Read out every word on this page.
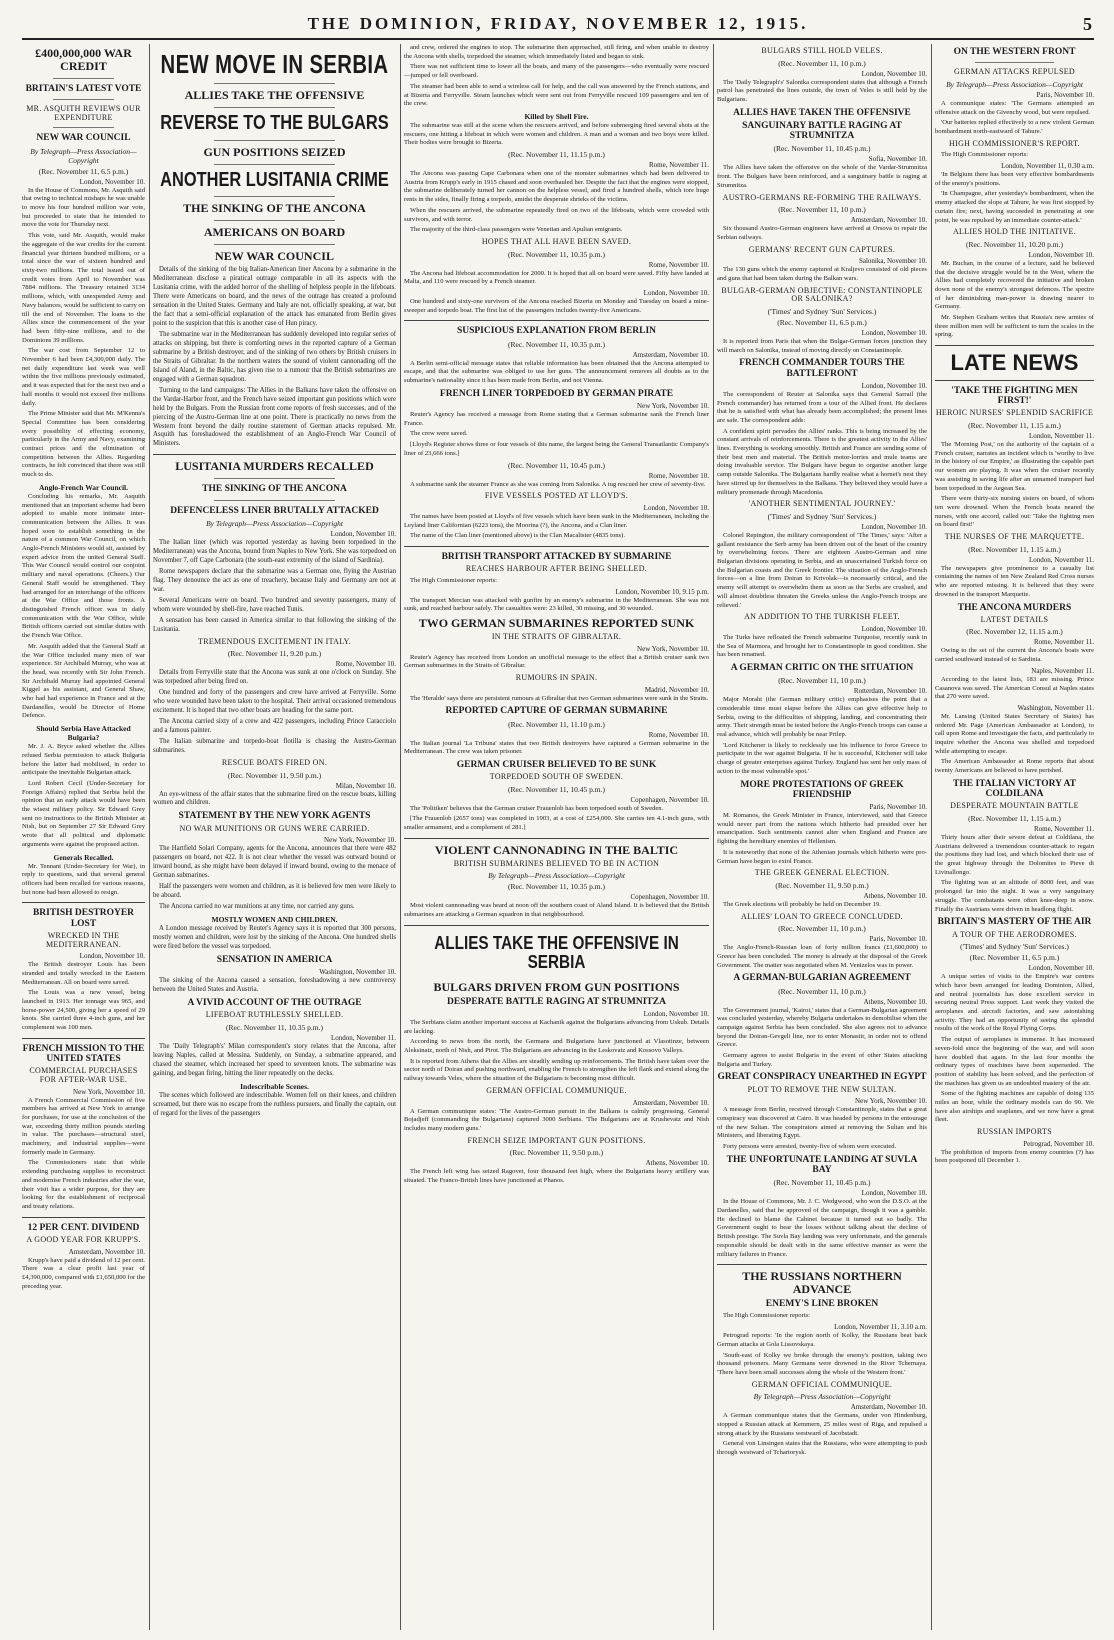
THE DOMINION, FRIDAY, NOVEMBER 12, 1915.	5
£400,000,000 WAR CREDIT
BRITAIN'S LATEST VOTE
MR. ASQUITH REVIEWS OUR EXPENDITURE
NEW WAR COUNCIL
By Telegraph—Press Association—Copyright
(Rec. November 11, 6.5 p.m.)
London, November 10.

In the House of Commons, Mr. Asquith said that owing to technical mishaps he was unable to move his four hundred million war vote, but proceeded to state that he intended to move the vote for Thursday next.

This vote, said Mr. Asquith, would make the aggregate of the war credits for the current financial year thirteen hundred millions, or a total since the war of sixteen hundred and sixty-two millions. The total issued out of credit votes from April to November was 7884 millions. The Treasury retained 3134 millions, which, with unexpended Army and Navy balances, would be sufficient to carry on till the end of November. The loans to the Allies since the commencement of the year had been fifty-nine millions, and to the Dominions 39 millions.

The war cost from September 12 to November 6 had been £4,300,000 daily. The net daily expenditure last week was well within the five millions previously estimated, and it was expected that for the next two and a half months it would not exceed five millions daily.

The Prime Minister said that Mr. M'Kenna's Special Committee has been considering every possibility of effecting economy, particularly in the Army and Navy, examining contract prices and the elimination of competition between the Allies. Regarding contracts, he felt convinced that there was still much to do.

Anglo-French War Council.

Concluding his remarks, Mr. Asquith mentioned that an important scheme had been adopted to enable more intimate inter-communication between the Allies. It was hoped soon to establish something in the nature of a common War Council, on which Anglo-French Ministers would sit, assisted by expert advice from the united General Staff. This War Council would control our conjoint military and naval operations. (Cheers.) Our General Staff would be strengthened. They had arranged for an interchange of the officers at the War Office and those fronts. A distinguished French officer was in daily communication with the War Office, while British officers carried out similar duties with the French War Office.

Mr. Asquith added that the General Staff at the War Office included many men of war experience. Sir Archibald Murray, who was at the head, was recently with Sir John French. Sir Archibald Murray had appointed General Kiggel as his assistant, and General Shaw, who had had experience in France and at the Dardanelles, would be Director of Home Defence.

Should Serbia Have Attacked Bulgaria?

Mr. J. A. Bryce asked whether the Allies refused Serbia permission to attack Bulgaria before the latter had mobilised, in order to anticipate the inevitable Bulgarian attack.

Lord Robert Cecil (Under-Secretary for Foreign Affairs) replied that Serbia held the opinion that an early attack would have been the wisest military policy. Sir Edward Grey sent no instructions to the British Minister at Nish, but on September 27 Sir Edward Grey wrote that all political and diplomatic arguments were against the proposed action.

Generals Recalled.

Mr. Tennant (Under-Secretary for War), in reply to questions, said that several general officers had been recalled for various reasons, but none had been allowed to resign.

BRITISH DESTROYER LOST
WRECKED IN THE MEDITERRANEAN.
London, November 10.

The British destroyer Louis has been stranded and totally wrecked in the Eastern Mediterranean. All on board were saved.

The Louis was a new vessel, being launched in 1913. Her tonnage was 965, and horse-power 24,500, giving her a speed of 29 knots. She carried three 4-inch guns, and her complement was 100 men.

FRENCH MISSION TO THE UNITED STATES
COMMERCIAL PURCHASES FOR AFTER-WAR USE.
New York, November 10.

A French Commercial Commission of five members has arrived at New York to arrange for purchases, for use at the conclusion of the war, exceeding thirty million pounds sterling in value. The purchases—structural steel, machinery, and industrial supplies—were formerly made in Germany.

The Commissioners state that while extending purchasing supplies to reconstruct and modernise French industries after the war, their visit has a wider purpose, for they are looking for the establishment of reciprocal and treaty relations.

12 PER CENT. DIVIDEND
A GOOD YEAR FOR KRUPP'S.
Amsterdam, November 10.

Krupp's have paid a dividend of 12 per cent. There was a clear profit last year of £4,390,000, compared with £1,650,000 for the preceding year.

NEW MOVE IN SERBIA
ALLIES TAKE THE OFFENSIVE
REVERSE TO THE BULGARS
GUN POSITIONS SEIZED
ANOTHER LUSITANIA CRIME
THE SINKING OF THE ANCONA
AMERICANS ON BOARD
NEW WAR COUNCIL

Details of the sinking of the big Italian-American liner Ancona by a submarine in the Mediterranean disclose a piratical outrage comparable in all its aspects with the Lusitania crime, with the added horror of the shelling of helpless people in the lifeboats. There were Americans on board, and the news of the outrage has created a profound sensation in the United States. Germany and Italy are not, officially speaking, at war, but the fact that a semi-official explanation of the attack has emanated from Berlin gives point to the suspicion that this is another case of Hun piracy.

The submarine war in the Mediterranean has suddenly developed into regular series of attacks on shipping, but there is comforting news in the reported capture of a German submarine by a British destroyer, and of the sinking of two others by British cruisers in the Straits of Gibraltar. In the northern waters the sound of violent cannonading off the Island of Aland, in the Baltic, has given rise to a rumour that the British submarines are engaged with a German squadron.

Turning to the land campaigns: The Allies in the Balkans have taken the offensive on the Vardar-Harbor front, and the French have seized important gun positions which were held by the Bulgars. From the Russian front come reports of fresh successes, and of the piercing of the Austro-German line at one point. There is practically no news from the Western front beyond the daily routine statement of German attacks repulsed. Mr. Asquith has foreshadowed the establishment of an Anglo-French War Council of Ministers.

LUSITANIA MURDERS RECALLED
THE SINKING OF THE ANCONA
DEFENCELESS LINER BRUTALLY ATTACKED
By Telegraph—Press Association—Copyright
London, November 10.

The Italian liner (which was reported yesterday as having been torpedoed in the Mediterranean) was the Ancona, bound from Naples to New York. She was torpedoed on November 7, off Cape Carbonara (the south-east extremity of the island of Sardinia).

Rome newspapers declare that the submarine was a German one, flying the Austrian flag. They denounce the act as one of treachery, because Italy and Germany are not at war.

Several Americans were on board. Two hundred and seventy passengers, many of whom were wounded by shell-fire, have reached Tunis.

A sensation has been caused in America similar to that following the sinking of the Lusitania.

TREMENDOUS EXCITEMENT IN ITALY.
(Rec. November 11, 9.20 p.m.)
Rome, November 10.

Details from Ferryville state that the Ancona was sunk at one o'clock on Sunday. She was torpedoed after being fired on.

One hundred and forty of the passengers and crew have arrived at Ferryville. Some who were wounded have been taken to the hospital. Their arrival occasioned tremendous excitement. It is hoped that two other boats are heading for the same port.

The Ancona carried sixty of a crew and 422 passengers, including Prince Caracciolo and a famous painter.

The Italian submarine and torpedo-boat flotilla is chasing the Austro-German submarines.

RESCUE BOATS FIRED ON.
(Rec. November 11, 9.50 p.m.)
Milan, November 10.

An eye-witness of the affair states that the submarine fired on the rescue boats, killing women and children.

STATEMENT BY THE NEW YORK AGENTS
NO WAR MUNITIONS OR GUNS WERE CARRIED.
New York, November 10.

The Hartfield Solari Company, agents for the Ancona, announces that there were 482 passengers on board, not 422. It is not clear whether the vessel was outward bound or inward bound, as she might have been delayed if inward bound, owing to the menace of German submarines.

Half the passengers were women and children, as it is believed few men were likely to be aboard.

The Ancona carried no war munitions at any time, nor carried any guns.

MOSTLY WOMEN AND CHILDREN.

A London message received by Reuter's Agency says it is reported that 300 persons, mostly women and children, were lost by the sinking of the Ancona. One hundred shells were fired before the vessel was torpedoed.

SENSATION IN AMERICA
Washington, November 10.

The sinking of the Ancona caused a sensation, foreshadowing a new controversy between the United States and Austria.

A VIVID ACCOUNT OF THE OUTRAGE
LIFEBOAT RUTHLESSLY SHELLED.
(Rec. November 11, 10.35 p.m.)
London, November 11.

The 'Daily Telegraph's' Milan correspondent's story relates that the Ancona, after leaving Naples, called at Messina. Suddenly, on Sunday, a submarine appeared, and chased the steamer, which increased her speed to seventeen knots. The submarine was gaining, and began firing, hitting the liner repeatedly on the decks.

Indescribable Scenes.

The scenes which followed are indescribable. Women fell on their knees, and children screamed, but there was no escape from the ruthless pursuers, and finally the captain, out of regard for the lives of the passengers

and crew, ordered the engines to stop. The submarine then approached, still firing, and when unable to destroy the Ancona with shells, torpedoed the steamer, which immediately listed and began to sink.

There was not sufficient time to lower all the boats, and many of the passengers—who eventually were rescued—jumped or fell overboard.

The steamer had been able to send a wireless call for help, and the call was answered by the French stations, and at Bizerta and Ferryville. Steam launches which were sent out from Ferryville rescued 109 passengers and ten of the crew.

Killed by Shell Fire.

The submarine was still at the scene when the rescuers arrived, and before submerging fired several shots at the rescuers, one hitting a lifeboat in which were women and children. A man and a woman and two boys were killed. Their bodies were brought to Bizerta.

(Rec. November 11, 11.15 p.m.)
Rome, November 11.

The Ancona was passing Cape Carbonara when one of the monster submarines which had been delivered to Austria from Krupp's early in 1915 chased and soon overhauled her. Despite the fact that the engines were stopped, the submarine deliberately turned her cannon on the helpless vessel, and fired a hundred shells, which tore huge rents in the sides, finally firing a torpedo, amidst the desperate shrieks of the victims.

When the rescuers arrived, the submarine repeatedly fired on two of the lifeboats, which were crowded with survivors, and with terror.

The majority of the third-class passengers were Venetian and Apulian emigrants.

HOPES THAT ALL HAVE BEEN SAVED.
(Rec. November 11, 10.35 p.m.)
Rome, November 10.

The Ancona had lifeboat accommodation for 2000. It is hoped that all on board were saved. Fifty have landed at Malta, and 110 were rescued by a French steamer.

London, November 10.

One hundred and sixty-one survivors of the Ancona reached Bizerta on Monday and Tuesday on board a mine-sweeper and torpedo boat. The first list of the passengers includes twenty-five Americans.

SUSPICIOUS EXPLANATION FROM BERLIN
(Rec. November 11, 10.35 p.m.)
Amsterdam, November 10.

A Berlin semi-official message states that reliable information has been obtained that the Ancona attempted to escape, and that the submarine was obliged to use her guns. The announcement removes all doubts as to the submarine's nationality since it has been made from Berlin, and not Vienna.

FRENCH LINER TORPEDOED BY GERMAN PIRATE
New York, November 10.

Reuter's Agency has received a message from Rome stating that a German submarine sank the French liner France.

The crew were saved.

[Lloyd's Register shows three or four vessels of this name, the largest being the General Transatlantic Company's liner of 23,666 tons.]

(Rec. November 11, 10.45 p.m.)
Rome, November 10.

A submarine sank the steamer France as she was coming from Salonika. A tug rescued her crew of seventy-five.

FIVE VESSELS POSTED AT LLOYD'S.
London, November 10.

The names have been posted at Lloyd's of five vessels which have been sunk in the Mediterranean, including the Leyland liner Californian (6223 tons), the Moorina (?), the Ancona, and a Clan liner.

The name of the Clan liner (mentioned above) is the Clan Macalister (4835 tons).

BRITISH TRANSPORT ATTACKED BY SUBMARINE
REACHES HARBOUR AFTER BEING SHELLED.

The High Commissioner reports:

London, November 10, 9.15 p.m.

The transport Mercian was attacked with gunfire by an enemy's submarine in the Mediterranean. She was not sunk, and reached harbour safely. The casualties were: 23 killed, 30 missing, and 30 wounded.

TWO GERMAN SUBMARINES REPORTED SUNK
IN THE STRAITS OF GIBRALTAR.
New York, November 10.

Reuter's Agency has received from London an unofficial message to the effect that a British cruiser sank two German submarines in the Straits of Gibraltar.

RUMOURS IN SPAIN.
Madrid, November 10.

The 'Heraldo' says there are persistent rumours at Gibraltar that two German submarines were sunk in the Straits.

REPORTED CAPTURE OF GERMAN SUBMARINE
(Rec. November 11, 11.10 p.m.)
Rome, November 10.

The Italian journal 'La Tribuna' states that two British destroyers have captured a German submarine in the Mediterranean. The crew was taken prisoner.

GERMAN CRUISER BELIEVED TO BE SUNK
TORPEDOED SOUTH OF SWEDEN.
(Rec. November 11, 10.45 p.m.)
Copenhagen, November 10.

The 'Politiken' believes that the German cruiser Frauenlob has been torpedoed south of Sweden.

[The Frauenlob (2657 tons) was completed in 1903, at a cost of £254,000. She carries ten 4.1-inch guns, with smaller armament, and a complement of 281.]

VIOLENT CANNONADING IN THE BALTIC
BRITISH SUBMARINES BELIEVED TO BE IN ACTION
By Telegraph—Press Association—Copyright
(Rec. November 11, 10.35 p.m.)
Copenhagen, November 10.

Most violent cannonading was heard at noon off the southern coast of Aland Island. It is believed that the British submarines are attacking a German squadron in that neighbourhood.

ALLIES TAKE THE OFFENSIVE IN SERBIA
BULGARS DRIVEN FROM GUN POSITIONS
DESPERATE BATTLE RAGING AT STRUMNITZA
London, November 10.

The Serbians claim another important success at Kachanik against the Bulgarians advancing from Uskub. Details are lacking.

According to news from the north, the Germans and Bulgarians have junctioned at Vlasotinze, between Aleksinatz, north of Nish, and Pirot. The Bulgarians are advancing in the Leskovatz and Kossovo Valleys.

It is reported from Athens that the Allies are steadily sending up reinforcements. The British have taken over the sector north of Doiran and pushing northward, enabling the French to strengthen the left flank and extend along the railway towards Veles, where the situation of the Bulgarians is becoming most difficult.

GERMAN OFFICIAL COMMUNIQUE.
Amsterdam, November 10.

A German communique states: 'The Austro-German pursuit in the Balkans is calmly progressing. General Bojadjeff (commanding the Bulgarians) captured 3000 Serbians. 'The Bulgarians are at Krushevatz and Nish includes many modern guns.'

FRENCH SEIZE IMPORTANT GUN POSITIONS.
(Rec. November 11, 9.50 p.m.)
Athens, November 10.

The French left wing has seized Ragovet, four thousand feet high, where the Bulgarians heavy artillery was situated. The Franco-British lines have junctioned at Phanos.

BULGARS STILL HOLD VELES.
(Rec. November 11, 10 p.m.)
London, November 10.

The 'Daily Telegraph's' Salonika correspondent states that although a French patrol has penetrated the lines outside, the town of Veles is still held by the Bulgarians.

ALLIES HAVE TAKEN THE OFFENSIVE
SANGUINARY BATTLE RAGING AT STRUMNITZA
(Rec. November 11, 10.45 p.m.)
Sofia, November 10.

The Allies have taken the offensive on the whole of the Vardar-Strumnitza front. The Bulgars have been reinforced, and a sanguinary battle is raging at Strumnitza.

AUSTRO-GERMANS RE-FORMING THE RAILWAYS.
(Rec. November 11, 10 p.m.)
Amsterdam, November 10.

Six thousand Austro-German engineers have arrived at Orsova to repair the Serbian railways.

GERMANS' RECENT GUN CAPTURES.
Salonika, November 10.

The 130 guns which the enemy captured at Kraljevo consisted of old pieces and guns that had been taken during the Balkan wars.

BULGAR-GERMAN OBJECTIVE: CONSTANTINOPLE OR SALONIKA?
('Times' and Sydney 'Sun' Services.)
(Rec. November 11, 6.5 p.m.)
London, November 10.

It is reported from Paris that when the Bulgar-German forces junction they will march on Salonika, instead of moving directly on Constantinople.

FRENCH COMMANDER TOURS THE BATTLEFRONT
London, November 10.

The correspondent of Reuter at Salonika says that General Sarrail (the French commander) has returned from a tour of the Allied front. He declares that he is satisfied with what has already been accomplished; the present lines are safe. The correspondent adds:

A confident spirit pervades the Allies' ranks. This is being increased by the constant arrivals of reinforcements. There is the greatest activity in the Allies' lines. Everything is working smoothly. British and France are sending some of their best men and material. The British motor-lorries and mule teams are doing invaluable service. The Bulgars have begun to organise another large camp outside Salonika. The Bulgarians hardly realise what a hornet's nest they have stirred up for themselves in the Balkans. They believed they would have a military promenade through Macedonia.

'ANOTHER SENTIMENTAL JOURNEY.'
('Times' and Sydney 'Sun' Services.)
London, November 10.

Colonel Repington, the military correspondent of 'The Times,' says: 'After a gallant resistance the Serb army has been driven out of the heart of the country by overwhelming forces. There are eighteen Austro-German and nine Bulgarian divisions operating in Serbia, and an unascertained Turkish force on the Bulgarian coasts and the Greek frontier. The situation of the Anglo-French forces—on a line from Doiran to Krivolak—is necessarily critical, and the enemy will attempt to overwhelm them as soon as the Serbs are crushed, and will almost doubtless threaten the Greeks unless the Anglo-French troops are relieved.'

AN ADDITION TO THE TURKISH FLEET.
London, November 10.

The Turks have refloated the French submarine Turquoise, recently sunk in the Sea of Marmora, and brought her to Constantinople in good condition. She has been renamed.

A GERMAN CRITIC ON THE SITUATION
(Rec. November 11, 10 p.m.)
Rotterdam, November 10.

Major Moraht (the German military critic) emphasises the point that a considerable time must elapse before the Allies can give effective help to Serbia, owing to the difficulties of shipping, landing, and concentrating their army. Their strength must be tested before the Anglo-French troops can cause a real advance, which will probably be near Prilep.

'Lord Kitchener is likely to recklessly use his influence to force Greece to participate in the war against Bulgaria. If he is successful, Kitchener will take charge of greater enterprises against Turkey. England has sent her only mass of action to the most vulnerable spot.'

MORE PROTESTATIONS OF GREEK FRIENDSHIP
Paris, November 10.

M. Romanos, the Greek Minister in France, interviewed, said that Greece would never part from the nations which hitherto had presided over her emancipation. Such sentiments cannot alter when England and France are fighting the hereditary enemies of Hellenism.

It is noteworthy that none of the Athenian journals which hitherto were pro-German have begun to extol France.

THE GREEK GENERAL ELECTION.
(Rec. November 11, 9.50 p.m.)
Athens, November 10.

The Greek elections will probably be held on December 19.

ALLIES' LOAN TO GREECE CONCLUDED.
(Rec. November 11, 10 p.m.)
Paris, November 10.

The Anglo-French-Russian loan of forty million francs (£1,600,000) to Greece has been concluded. The money is already at the disposal of the Greek Government. The matter was negotiated when M. Venizelos was in power.

A GERMAN-BULGARIAN AGREEMENT
(Rec. November 11, 10 p.m.)
Athens, November 10.

The Government journal, 'Kairoi,' states that a German-Bulgarian agreement was concluded yesterday, whereby Bulgaria undertakes to demobilise when the campaign against Serbia has been concluded. She also agrees not to advance beyond the Doiran-Gevgeli line, nor to enter Monastir, in order not to offend Greece.

Germany agrees to assist Bulgaria in the event of other States attacking Bulgaria and Turkey.

GREAT CONSPIRACY UNEARTHED IN EGYPT
PLOT TO REMOVE THE NEW SULTAN.
New York, November 10.

A message from Berlin, received through Constantinople, states that a great conspiracy was discovered at Cairo. It was headed by persons in the entourage of the new Sultan. The conspirators aimed at removing the Sultan and his Ministers, and liberating Egypt.

Forty persons were arrested, twenty-five of whom were executed.

THE UNFORTUNATE LANDING AT SUVLA BAY
(Rec. November 11, 10.45 p.m.)
London, November 10.

In the House of Commons, Mr. J. C. Wedgwood, who won the D.S.O. at the Dardanelles, said that he approved of the campaign, though it was a gamble. He declined to blame the Cabinet because it turned out so badly. The Government ought to bear the losses without talking about the decline of British prestige. The Suvla Bay landing was very unfortunate, and the generals responsible should be dealt with in the same effective manner as were the military failures in France.

THE RUSSIANS NORTHERN ADVANCE
ENEMY'S LINE BROKEN

The High Commissioner reports:

London, November 11, 3.10 a.m.

Petrograd reports: 'In the region north of Kolky, the Russians beat back German attacks at Gola Lissovskaya.

'South-east of Kolky we broke through the enemy's position, taking two thousand prisoners. Many Germans were drowned in the River Tchernaya. 'There have been small successes along the whole of the Western front.'

GERMAN OFFICIAL COMMUNIQUE.
By Telegraph—Press Association—Copyright
Amsterdam, November 10.

A German communique states that the Germans, under von Hindenburg, stopped a Russian attack at Kemmern, 25 miles west of Riga, and repulsed a strong attack by the Russians westward of Jacobstadt.

General von Linsingen states that the Russians, who were attempting to push through westward of Tchartorysk.

ON THE WESTERN FRONT
GERMAN ATTACKS REPULSED
By Telegraph—Press Association—Copyright
Paris, November 10.

A communique states: 'The Germans attempted an offensive attack on the Givenchy wood, but were repulsed.

'Our batteries replied effectively to a new violent German bombardment north-eastward of Tahure.'

HIGH COMMISSIONER'S REPORT.

The High Commissioner reports:

London, November 11, 0.30 a.m.

'In Belgium there has been very effective bombardments of the enemy's positions.

'In Champagne, after yesterday's bombardment, when the enemy attacked the slope at Tahure, he was first stopped by curtain fire; next, having succeeded in penetrating at one point, he was repulsed by an immediate counter-attack.'

ALLIES HOLD THE INITIATIVE.
(Rec. November 11, 10.20 p.m.)
London, November 10.

Mr. Buchan, in the course of a lecture, said he believed that the decisive struggle would be in the West, where the Allies had completely recovered the initiative and broken down none of the enemy's strongest defences. The spectre of her diminishing man-power is drawing nearer to Germany.

Mr. Stephen Graham writes that Russia's new armies of three million men will be sufficient to turn the scales in the spring.

LATE NEWS
'TAKE THE FIGHTING MEN FIRST!'
HEROIC NURSES' SPLENDID SACRIFICE
(Rec. November 11, 1.15 a.m.)
London, November 11.

The 'Morning Post,' on the authority of the captain of a French cruiser, narrates an incident which is 'worthy to live in the history of our Empire,' as illustrating the capable part our women are playing. It was when the cruiser recently was assisting in saving life after an unnamed transport had been torpedoed in the Aegean Sea.

There were thirty-six nursing sisters on board, of whom ten were drowned. When the French boats neared the nurses, with one accord, called out: 'Take the fighting men on board first!'

THE NURSES OF THE MARQUETTE.
(Rec. November 11, 1.15 a.m.)
London, November 11.

The newspapers give prominence to a casualty list containing the names of ten New Zealand Red Cross nurses who are reported missing. It is believed that they were drowned in the transport Marquette.

THE ANCONA MURDERS
LATEST DETAILS
(Rec. November 12, 11.15 a.m.)
Rome, November 11.

Owing to the set of the current the Ancona's boats were carried southward instead of to Sardinia.

Naples, November 11.

According to the latest lists, 183 are missing. Prince Casanova was saved. The American Consul at Naples states that 270 were saved.

Washington, November 11.

Mr. Lansing (United States Secretary of States) has ordered Mr. Page (American Ambassador at London), to call upon Rome and investigate the facts, and particularly to inquire whether the Ancona was shelled and torpedoed while attempting to escape.

The American Ambassador at Rome reports that about twenty Americans are believed to have perished.

THE ITALIAN VICTORY AT COLDILANA
DESPERATE MOUNTAIN BATTLE
(Rec. November 11, 1.15 a.m.)
Rome, November 11.

Thirty hours after their severe defeat at Coldilana, the Austrians delivered a tremendous counter-attack to regain the positions they had lost, and which blocked their use of the great highway through the Dolomites to Pieve di Livinallongo.

The fighting was at an altitude of 8000 feet, and was prolonged far into the night. It was a very sanguinary struggle. The combatants were often knee-deep in snow. Finally the Austrians were driven in headlong flight.

BRITAIN'S MASTERY OF THE AIR
A TOUR OF THE AERODROMES.
('Times' and Sydney 'Sun' Services.)
(Rec. November 11, 6.5 p.m.)
London, November 10.

A unique series of visits to the Empire's war centres which have been arranged for leading Dominion, Allied, and neutral journalists has done excellent service in securing neutral Press support. Last week they visited the aeroplanes and aircraft factories, and saw astonishing activity. They had an opportunity of seeing the splendid results of the work of the Royal Flying Corps.

The output of aeroplanes is immense. It has increased seven-fold since the beginning of the war, and will soon have doubled that again. In the last four months the ordinary types of machines have been superseded. The position of stability has been solved, and the perfection of the machines has given us an undoubted mastery of the air.

Some of the fighting machines are capable of doing 135 miles an hour, while the ordinary models can do 90. We have also airships and seaplanes, and we now have a great fleet.

RUSSIAN IMPORTS
Petrograd, November 10.

The prohibition of imports from enemy countries (?) has been postponed till December 1.
